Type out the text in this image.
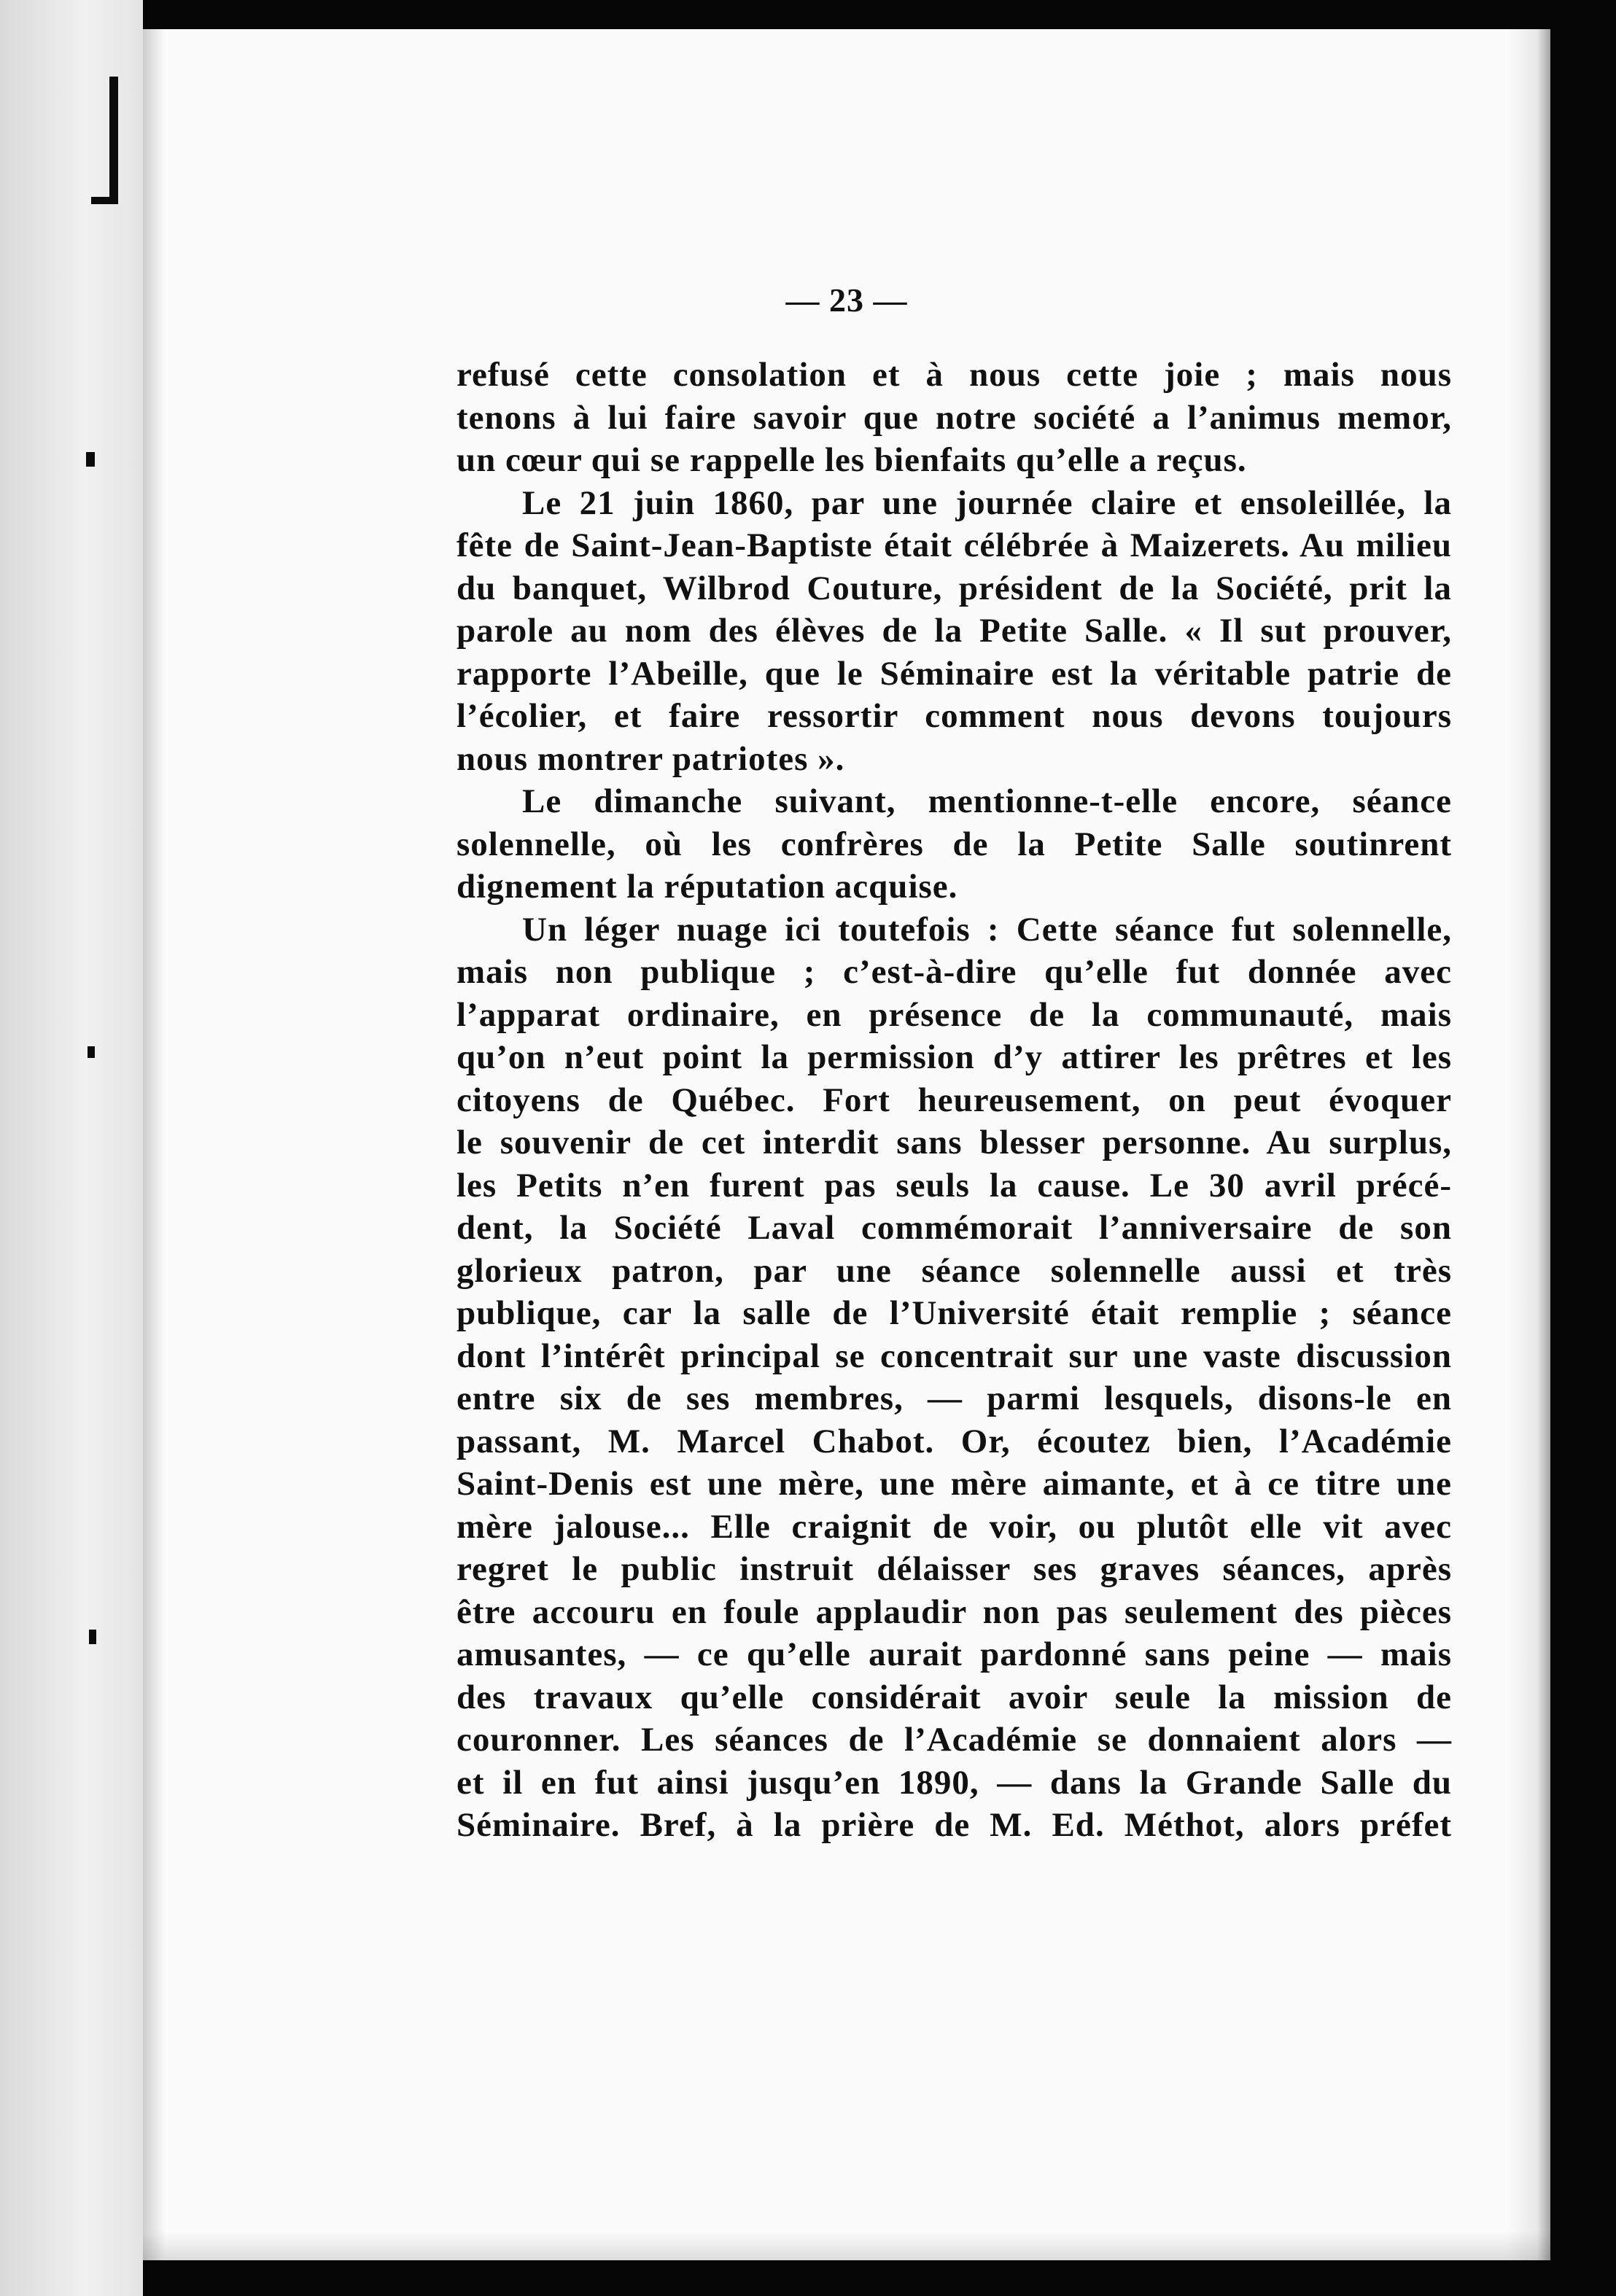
— 23 —
refusé cette consolation et à nous cette joie ; mais nous
tenons à lui faire savoir que notre société a l’animus memor,
un cœur qui se rappelle les bienfaits qu’elle a reçus.
Le 21 juin 1860, par une journée claire et ensoleillée, la
fête de Saint-Jean-Baptiste était célébrée à Maizerets. Au milieu
du banquet, Wilbrod Couture, président de la Société, prit la
parole au nom des élèves de la Petite Salle. « Il sut prouver,
rapporte l’Abeille, que le Séminaire est la véritable patrie de
l’écolier, et faire ressortir comment nous devons toujours
nous montrer patriotes ».
Le dimanche suivant, mentionne-t-elle encore, séance
solennelle, où les confrères de la Petite Salle soutinrent
dignement la réputation acquise.
Un léger nuage ici toutefois : Cette séance fut solennelle,
mais non publique ; c’est-à-dire qu’elle fut donnée avec
l’apparat ordinaire, en présence de la communauté, mais
qu’on n’eut point la permission d’y attirer les prêtres et les
citoyens de Québec. Fort heureusement, on peut évoquer
le souvenir de cet interdit sans blesser personne. Au surplus,
les Petits n’en furent pas seuls la cause. Le 30 avril précé-
dent, la Société Laval commémorait l’anniversaire de son
glorieux patron, par une séance solennelle aussi et très
publique, car la salle de l’Université était remplie ; séance
dont l’intérêt principal se concentrait sur une vaste discussion
entre six de ses membres, — parmi lesquels, disons-le en
passant, M. Marcel Chabot. Or, écoutez bien, l’Académie
Saint-Denis est une mère, une mère aimante, et à ce titre une
mère jalouse... Elle craignit de voir, ou plutôt elle vit avec
regret le public instruit délaisser ses graves séances, après
être accouru en foule applaudir non pas seulement des pièces
amusantes, — ce qu’elle aurait pardonné sans peine — mais
des travaux qu’elle considérait avoir seule la mission de
couronner. Les séances de l’Académie se donnaient alors —
et il en fut ainsi jusqu’en 1890, — dans la Grande Salle du
Séminaire. Bref, à la prière de M. Ed. Méthot, alors préfet
